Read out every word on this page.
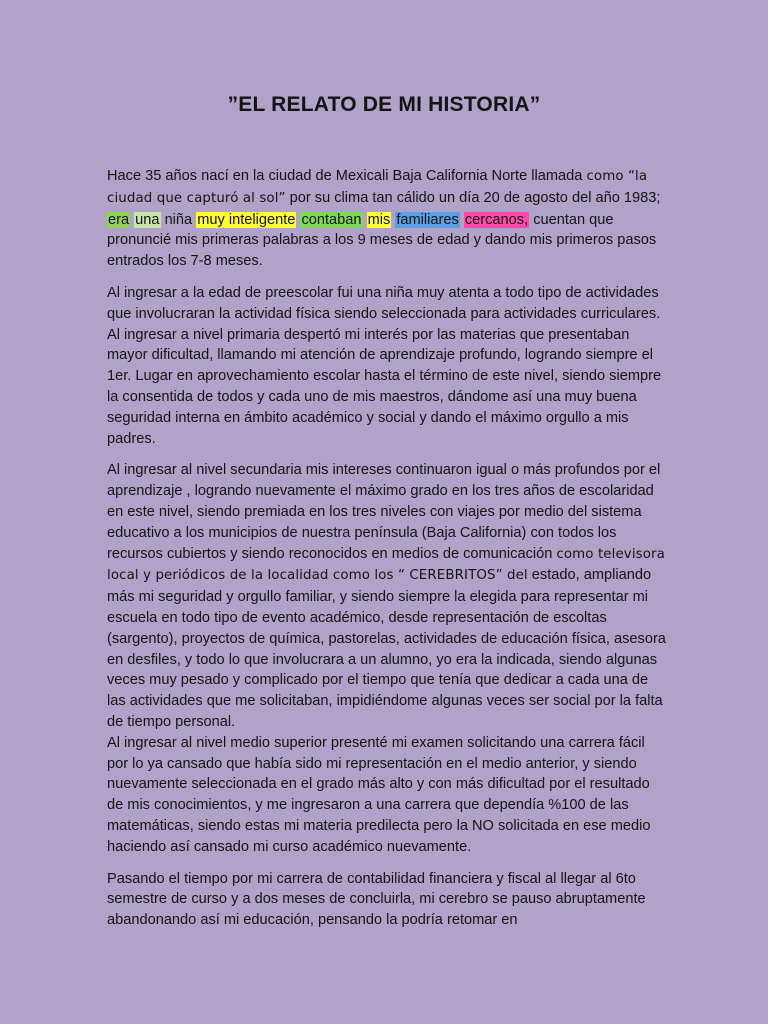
”EL RELATO DE MI HISTORIA”

Hace 35 años nací en la ciudad de Mexicali Baja California Norte llamada como “la ciudad que capturó al sol” por su clima tan cálido un día 20 de agosto del año 1983; era una niña muy inteligente contaban mis familiares cercanos, cuentan que pronuncié mis primeras palabras a los 9 meses de edad y dando mis primeros pasos entrados los 7-8 meses.

Al ingresar a la edad de preescolar fui una niña muy atenta a todo tipo de actividades que involucraran la actividad física siendo seleccionada para actividades curriculares. Al ingresar a nivel primaria despertó mi interés por las materias que presentaban mayor dificultad, llamando mi atención de aprendizaje profundo, logrando siempre el 1er. Lugar en aprovechamiento escolar hasta el término de este nivel, siendo siempre la consentida de todos y cada uno de mis maestros, dándome así una muy buena seguridad interna en ámbito académico y social y dando el máximo orgullo a mis padres.

Al ingresar al nivel secundaria mis intereses continuaron igual o más profundos por el aprendizaje , logrando nuevamente el máximo grado en los tres años de escolaridad en este nivel, siendo premiada en los tres niveles con viajes por medio del sistema educativo a los municipios de nuestra península (Baja California) con todos los recursos cubiertos y siendo reconocidos en medios de comunicación como televisora local y periódicos de la localidad como los “ CEREBRITOS” del estado, ampliando más mi seguridad y orgullo familiar, y siendo siempre la elegida para representar mi escuela en todo tipo de evento académico, desde representación de escoltas (sargento), proyectos de química, pastorelas, actividades de educación física, asesora en desfiles, y todo lo que involucrara a un alumno, yo era la indicada, siendo algunas veces muy pesado y complicado por el tiempo que tenía que dedicar a cada una de las actividades que me solicitaban, impidiéndome algunas veces ser social por la falta de tiempo personal.

Al ingresar al nivel medio superior presenté mi examen solicitando una carrera fácil por lo ya cansado que había sido mi representación en el medio anterior, y siendo nuevamente seleccionada en el grado más alto y con más dificultad por el resultado de mis conocimientos, y me ingresaron a una carrera que dependía %100 de las matemáticas, siendo estas mi materia predilecta pero la NO solicitada en ese medio haciendo así cansado mi curso académico nuevamente.

Pasando el tiempo por mi carrera de contabilidad financiera y fiscal al llegar al 6to semestre de curso y a dos meses de concluirla, mi cerebro se pauso abruptamente abandonando así mi educación, pensando la podría retomar en
